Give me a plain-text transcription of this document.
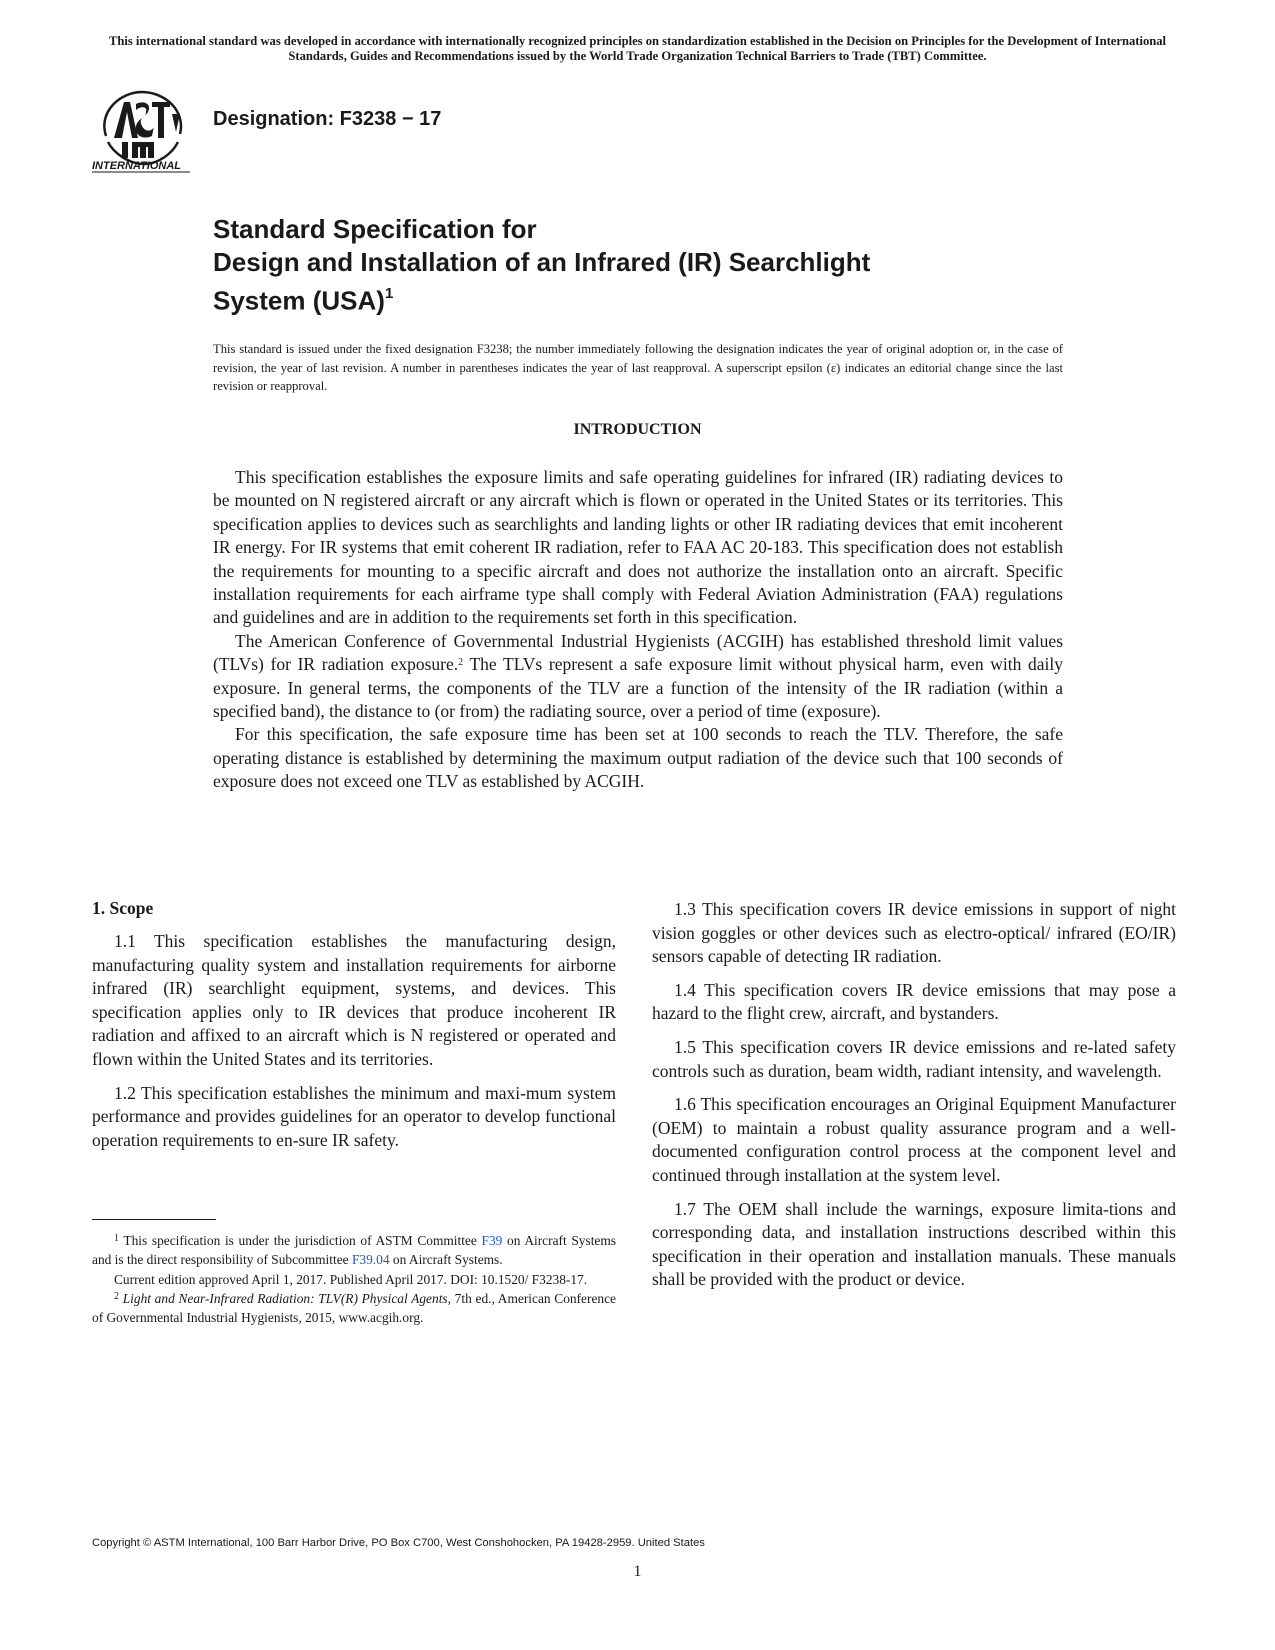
This international standard was developed in accordance with internationally recognized principles on standardization established in the Decision on Principles for the Development of International Standards, Guides and Recommendations issued by the World Trade Organization Technical Barriers to Trade (TBT) Committee.
INTERNATIONAL
Designation: F3238 − 17
Standard Specification for
Design and Installation of an Infrared (IR) Searchlight
System (USA)$^1$
This standard is issued under the fixed designation F3238; the number immediately following the designation indicates the year of original adoption or, in the case of revision, the year of last revision. A number in parentheses indicates the year of last reapproval. A superscript epsilon (ε) indicates an editorial change since the last revision or reapproval.
INTRODUCTION

This specification establishes the exposure limits and safe operating guidelines for infrared (IR) radiating devices to be mounted on N registered aircraft or any aircraft which is flown or operated in the United States or its territories. This specification applies to devices such as searchlights and landing lights or other IR radiating devices that emit incoherent IR energy. For IR systems that emit coherent IR radiation, refer to FAA AC 20-183. This specification does not establish the requirements for mounting to a specific aircraft and does not authorize the installation onto an aircraft. Specific installation requirements for each airframe type shall comply with Federal Aviation Administration (FAA) regulations and guidelines and are in addition to the requirements set forth in this specification.

The American Conference of Governmental Industrial Hygienists (ACGIH) has established threshold limit values (TLVs) for IR radiation exposure.$^2$ The TLVs represent a safe exposure limit without physical harm, even with daily exposure. In general terms, the components of the TLV are a function of the intensity of the IR radiation (within a specified band), the distance to (or from) the radiating source, over a period of time (exposure).

For this specification, the safe exposure time has been set at 100 seconds to reach the TLV. Therefore, the safe operating distance is established by determining the maximum output radiation of the device such that 100 seconds of exposure does not exceed one TLV as established by ACGIH.

1. Scope

1.1 This specification establishes the manufacturing design, manufacturing quality system and installation requirements for airborne infrared (IR) searchlight equipment, systems, and devices. This specification applies only to IR devices that produce incoherent IR radiation and affixed to an aircraft which is N registered or operated and flown within the United States and its territories.

1.2 This specification establishes the minimum and maxi-mum system performance and provides guidelines for an operator to develop functional operation requirements to en-sure IR safety.

1.3 This specification covers IR device emissions in support of night vision goggles or other devices such as electro-optical/ infrared (EO/IR) sensors capable of detecting IR radiation.

1.4 This specification covers IR device emissions that may pose a hazard to the flight crew, aircraft, and bystanders.

1.5 This specification covers IR device emissions and re-lated safety controls such as duration, beam width, radiant intensity, and wavelength.

1.6 This specification encourages an Original Equipment Manufacturer (OEM) to maintain a robust quality assurance program and a well-documented configuration control process at the component level and continued through installation at the system level.

1.7 The OEM shall include the warnings, exposure limita-tions and corresponding data, and installation instructions described within this specification in their operation and installation manuals. These manuals shall be provided with the product or device.

$^1$ This specification is under the jurisdiction of ASTM Committee F39 on Aircraft Systems and is the direct responsibility of Subcommittee F39.04 on Aircraft Systems.

Current edition approved April 1, 2017. Published April 2017. DOI: 10.1520/ F3238-17.

$^2$ Light and Near-Infrared Radiation: TLV(R) Physical Agents, 7th ed., American Conference of Governmental Industrial Hygienists, 2015, www.acgih.org.

Copyright © ASTM International, 100 Barr Harbor Drive, PO Box C700, West Conshohocken, PA 19428-2959. United States
1
